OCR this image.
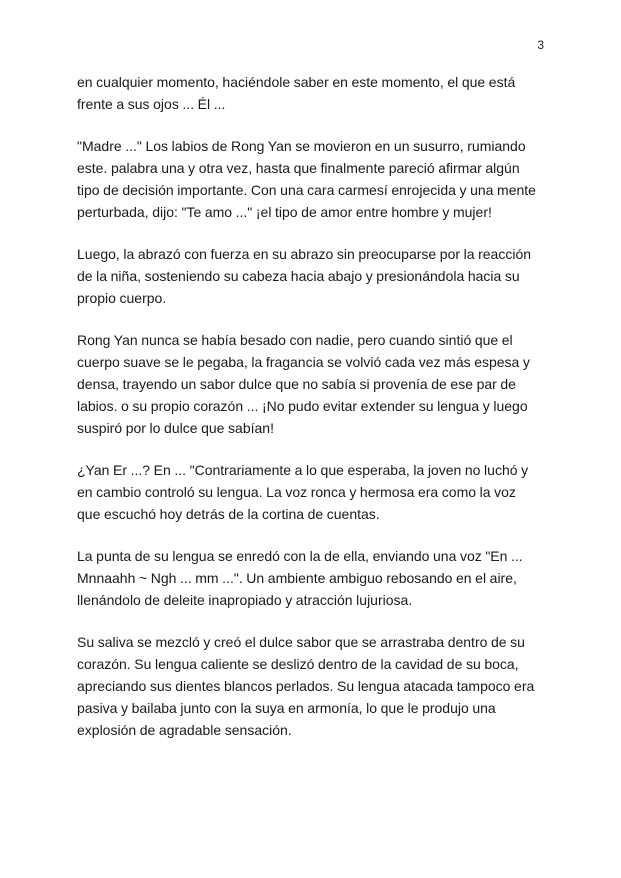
3

en cualquier momento, haciéndole saber en este momento, el que está
frente a sus ojos ... Él ...

"Madre ..." Los labios de Rong Yan se movieron en un susurro, rumiando
este. palabra una y otra vez, hasta que finalmente pareció afirmar algún
tipo de decisión importante. Con una cara carmesí enrojecida y una mente
perturbada, dijo: "Te amo ..." ¡el tipo de amor entre hombre y mujer!

Luego, la abrazó con fuerza en su abrazo sin preocuparse por la reacción
de la niña, sosteniendo su cabeza hacia abajo y presionándola hacia su
propio cuerpo.

Rong Yan nunca se había besado con nadie, pero cuando sintió que el
cuerpo suave se le pegaba, la fragancia se volvió cada vez más espesa y
densa, trayendo un sabor dulce que no sabía si provenía de ese par de
labios. o su propio corazón ... ¡No pudo evitar extender su lengua y luego
suspiró por lo dulce que sabían!

¿Yan Er ...? En ... "Contrariamente a lo que esperaba, la joven no luchó y
en cambio controló su lengua. La voz ronca y hermosa era como la voz
que escuchó hoy detrás de la cortina de cuentas.

La punta de su lengua se enredó con la de ella, enviando una voz "En ...
Mnnaahh ~ Ngh ... mm ...". Un ambiente ambiguo rebosando en el aire,
llenándolo de deleite inapropiado y atracción lujuriosa.

Su saliva se mezcló y creó el dulce sabor que se arrastraba dentro de su
corazón. Su lengua caliente se deslizó dentro de la cavidad de su boca,
apreciando sus dientes blancos perlados. Su lengua atacada tampoco era
pasiva y bailaba junto con la suya en armonía, lo que le produjo una
explosión de agradable sensación.
